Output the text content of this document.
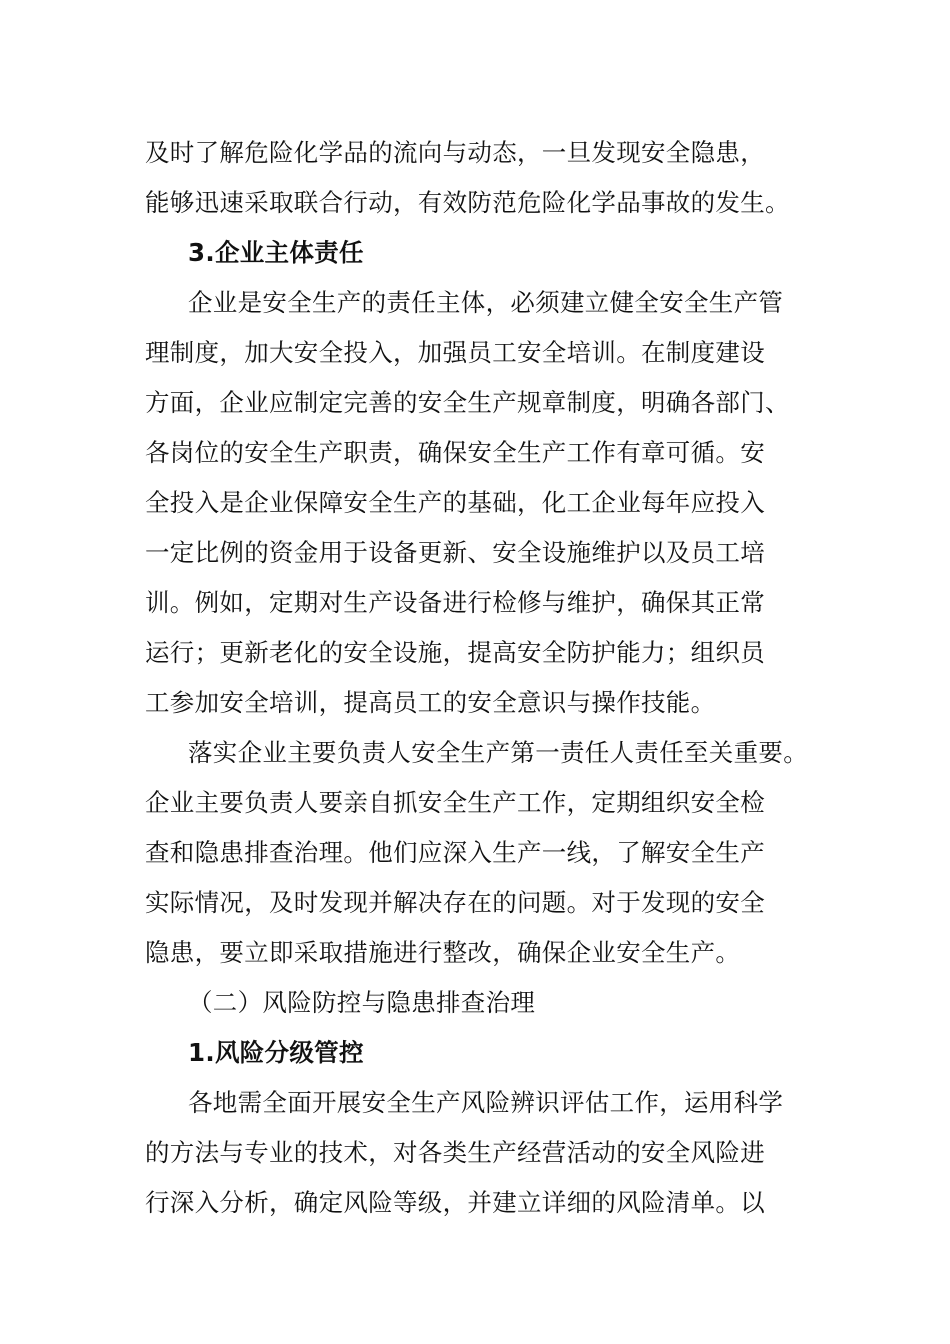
及时了解危险化学品的流向与动态，一旦发现安全隐患，
能够迅速采取联合行动，有效防范危险化学品事故的发生。
3.企业主体责任
企业是安全生产的责任主体，必须建立健全安全生产管
理制度，加大安全投入，加强员工安全培训。在制度建设
方面，企业应制定完善的安全生产规章制度，明确各部门、
各岗位的安全生产职责，确保安全生产工作有章可循。安
全投入是企业保障安全生产的基础，化工企业每年应投入
一定比例的资金用于设备更新、安全设施维护以及员工培
训。例如，定期对生产设备进行检修与维护，确保其正常
运行；更新老化的安全设施，提高安全防护能力；组织员
工参加安全培训，提高员工的安全意识与操作技能。
落实企业主要负责人安全生产第一责任人责任至关重要。
企业主要负责人要亲自抓安全生产工作，定期组织安全检
查和隐患排查治理。他们应深入生产一线，了解安全生产
实际情况，及时发现并解决存在的问题。对于发现的安全
隐患，要立即采取措施进行整改，确保企业安全生产。
（二）风险防控与隐患排查治理
1.风险分级管控
各地需全面开展安全生产风险辨识评估工作，运用科学
的方法与专业的技术，对各类生产经营活动的安全风险进
行深入分析，确定风险等级，并建立详细的风险清单。以
